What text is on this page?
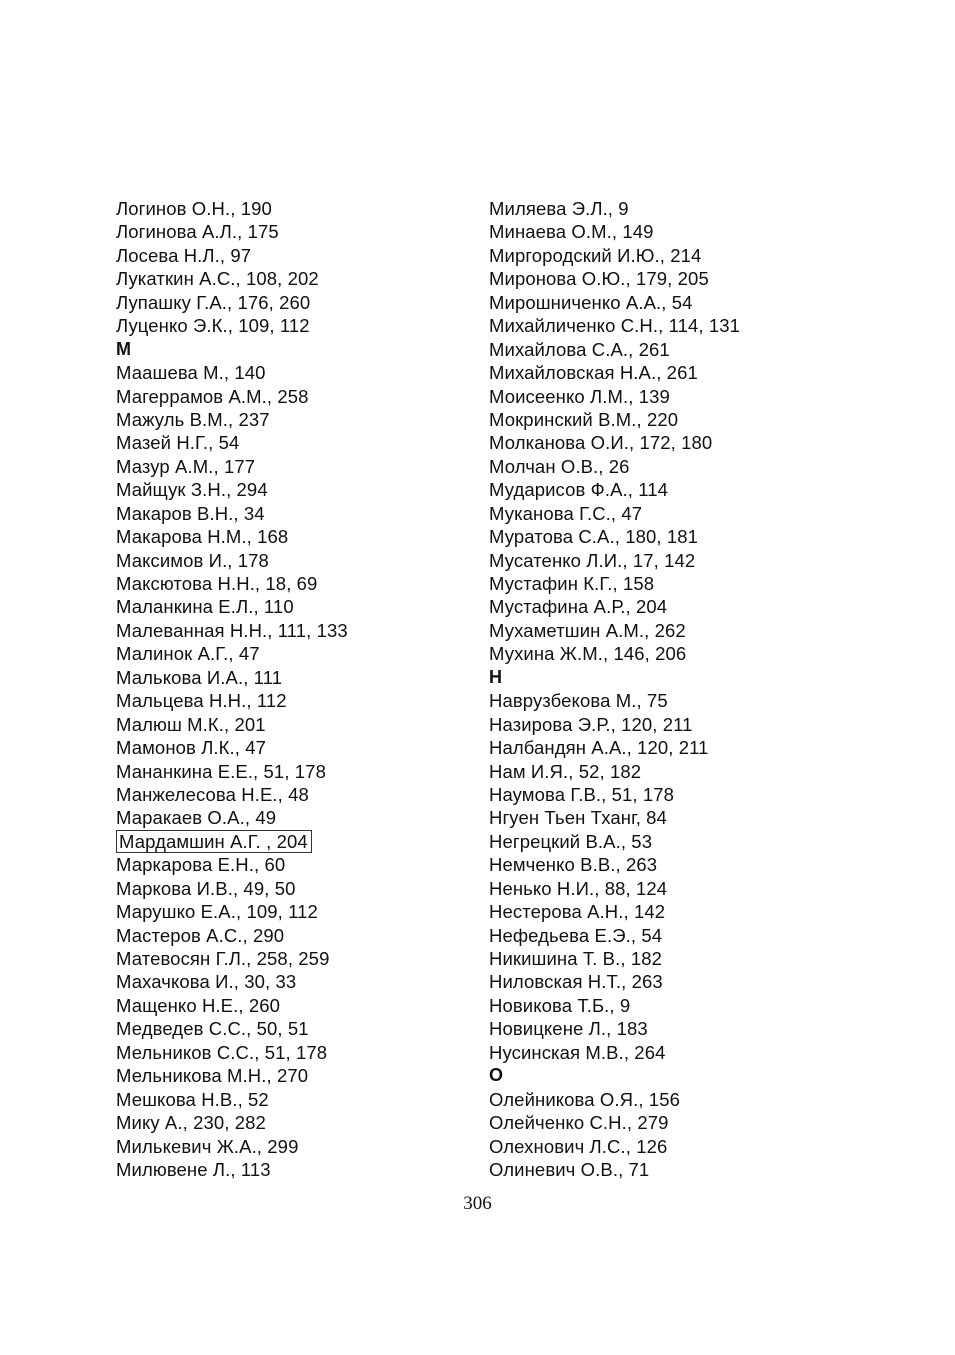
Логинов О.Н., 190
Логинова А.Л., 175
Лосева Н.Л., 97
Лукаткин А.С., 108, 202
Лупашку Г.А., 176, 260
Луценко Э.К., 109, 112
М
Маашева М., 140
Магеррамов А.М., 258
Мажуль В.М., 237
Мазей Н.Г., 54
Мазур А.М., 177
Майщук З.Н., 294
Макаров В.Н., 34
Макарова Н.М., 168
Максимов И., 178
Максютова Н.Н., 18, 69
Маланкина Е.Л., 110
Малеванная Н.Н., 111, 133
Малинок А.Г., 47
Малькова И.А., 111
Мальцева Н.Н., 112
Малюш М.К., 201
Мамонов Л.К., 47
Мананкина Е.Е., 51, 178
Манжелесова Н.Е., 48
Маракаев О.А., 49
Мардамшин А.Г. , 204
Маркарова Е.Н., 60
Маркова И.В., 49, 50
Марушко Е.А., 109, 112
Мастеров А.С., 290
Матевосян Г.Л., 258, 259
Махачкова И., 30, 33
Мащенко Н.Е., 260
Медведев С.С., 50, 51
Мельников С.С., 51, 178
Мельникова М.Н., 270
Мешкова Н.В., 52
Мику А., 230, 282
Милькевич Ж.А., 299
Милювене Л., 113
Миляева Э.Л., 9
Минаева О.М., 149
Миргородский И.Ю., 214
Миронова О.Ю., 179, 205
Мирошниченко А.А., 54
Михайличенко С.Н., 114, 131
Михайлова С.А., 261
Михайловская Н.А., 261
Моисеенко Л.М., 139
Мокринский В.М., 220
Молканова О.И., 172, 180
Молчан О.В., 26
Мударисов Ф.А., 114
Муканова Г.С., 47
Муратова С.А., 180, 181
Мусатенко Л.И., 17, 142
Мустафин К.Г., 158
Мустафина А.Р., 204
Мухаметшин А.М., 262
Мухина Ж.М., 146, 206
Н
Наврузбекова М., 75
Назирова Э.Р., 120, 211
Налбандян А.А., 120, 211
Нам И.Я., 52, 182
Наумова Г.В., 51, 178
Нгуен Тьен Тханг, 84
Негрецкий В.А., 53
Немченко В.В., 263
Ненько Н.И., 88, 124
Нестерова А.Н., 142
Нефедьева Е.Э., 54
Никишина Т. В., 182
Ниловская Н.Т., 263
Новикова Т.Б., 9
Новицкене Л., 183
Нусинская М.В., 264
О
Олейникова О.Я., 156
Олейченко С.Н., 279
Олехнович Л.С., 126
Олиневич О.В., 71
306
